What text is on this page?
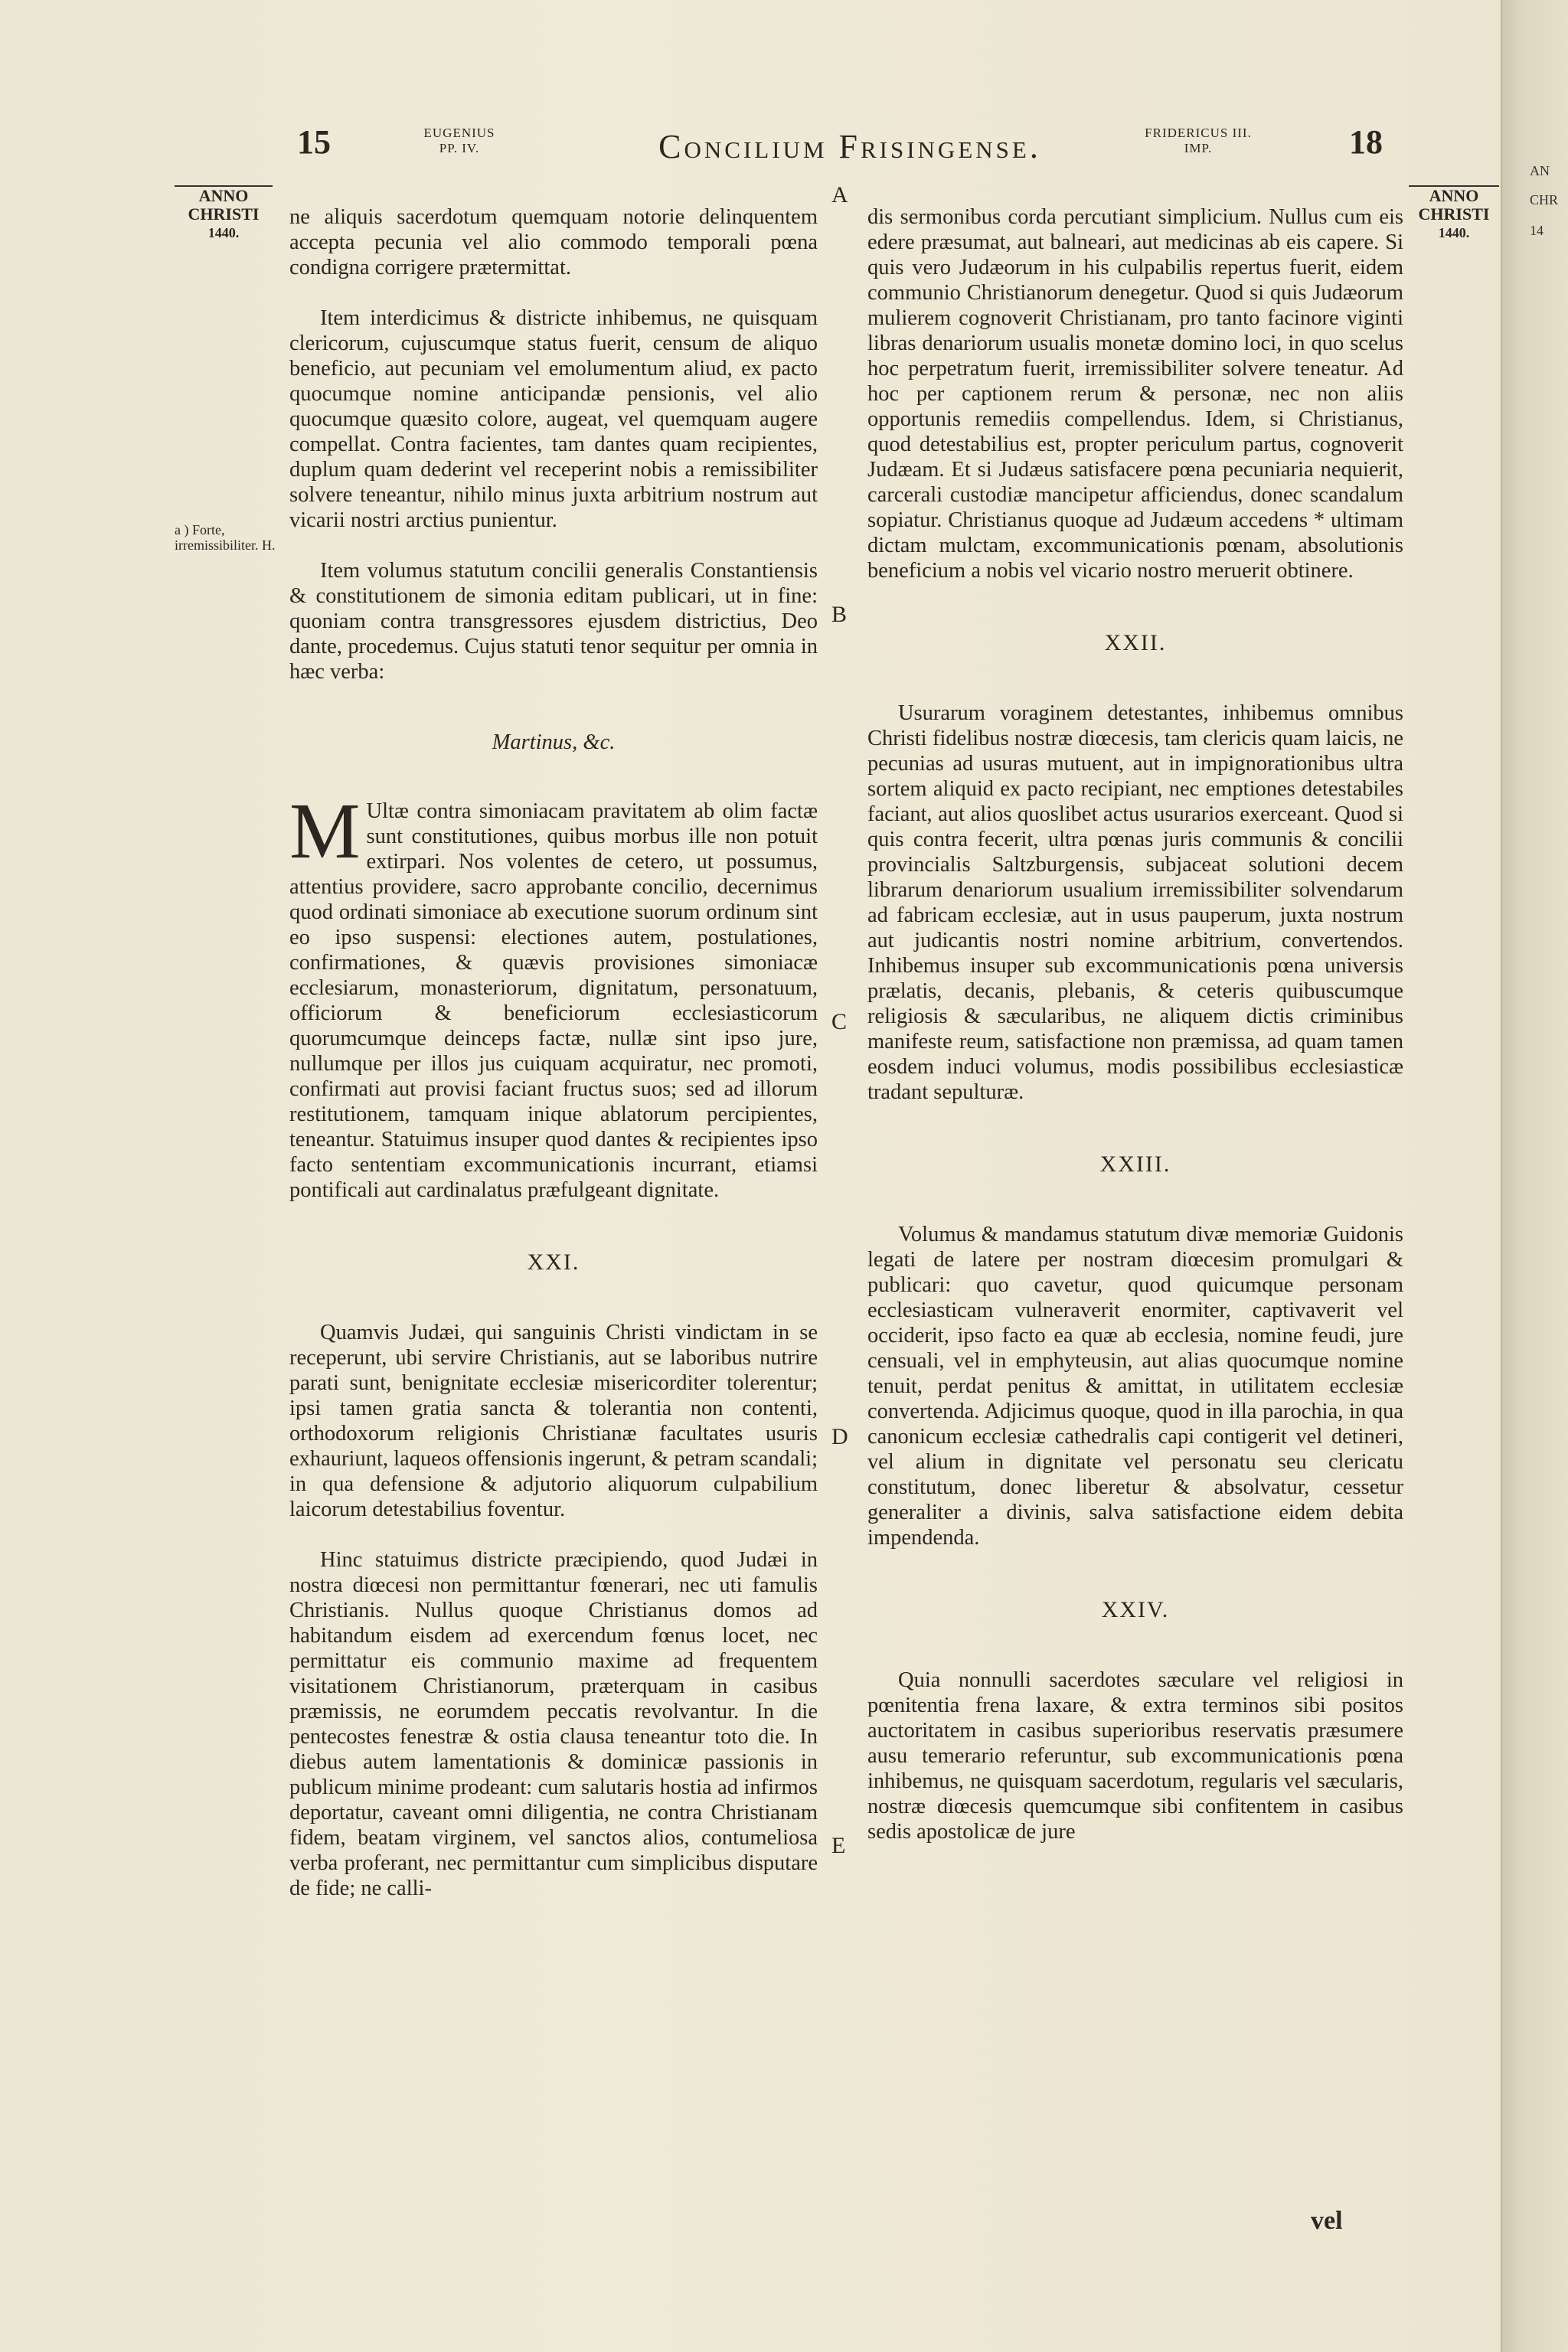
AN
CHR
14
15	EUGENIUS
PP. IV.	Concilium Frisingense.	FRIDERICUS III.
IMP.	18
ANNO
CHRISTI
1440.
ANNO
CHRISTI
1440.
a ) Forte, irremissibiliter. H.
A
B
C
D
E

ne aliquis sacerdotum quemquam notorie delinquentem accepta pecunia vel alio commodo temporali pœna condigna corrigere prætermittat.

Item interdicimus & districte inhibemus, ne quisquam clericorum, cujuscumque status fuerit, censum de aliquo beneficio, aut pecuniam vel emolumentum aliud, ex pacto quocumque nomine anticipandæ pensionis, vel alio quocumque quæsito colore, augeat, vel quemquam augere compellat. Contra facientes, tam dantes quam recipientes, duplum quam dederint vel receperint nobis a remissibiliter solvere teneantur, nihilo minus juxta arbitrium nostrum aut vicarii nostri arctius punientur.

Item volumus statutum concilii generalis Constantiensis & constitutionem de simonia editam publicari, ut in fine: quoniam contra transgressores ejusdem districtius, Deo dante, procedemus. Cujus statuti tenor sequitur per omnia in hæc verba:

Martinus, &c.

M Ultæ contra simoniacam pravitatem ab olim factæ sunt constitutiones, quibus morbus ille non potuit extirpari. Nos volentes de cetero, ut possumus, attentius providere, sacro approbante concilio, decernimus quod ordinati simoniace ab executione suorum ordinum sint eo ipso suspensi: electiones autem, postulationes, confirmationes, & quævis provisiones simoniacæ ecclesiarum, monasteriorum, dignitatum, personatuum, officiorum & beneficiorum ecclesiasticorum quorumcumque deinceps factæ, nullæ sint ipso jure, nullumque per illos jus cuiquam acquiratur, nec promoti, confirmati aut provisi faciant fructus suos; sed ad illorum restitutionem, tamquam inique ablatorum percipientes, teneantur. Statuimus insuper quod dantes & recipientes ipso facto sententiam excommunicationis incurrant, etiamsi pontificali aut cardinalatus præfulgeant dignitate.

XXI.

Quamvis Judæi, qui sanguinis Christi vindictam in se receperunt, ubi servire Christianis, aut se laboribus nutrire parati sunt, benignitate ecclesiæ misericorditer tolerentur; ipsi tamen gratia sancta & tolerantia non contenti, orthodoxorum religionis Christianæ facultates usuris exhauriunt, laqueos offensionis ingerunt, & petram scandali; in qua defensione & adjutorio aliquorum culpabilium laicorum detestabilius foventur.

Hinc statuimus districte præcipiendo, quod Judæi in nostra diœcesi non permittantur fœnerari, nec uti famulis Christianis. Nullus quoque Christianus domos ad habitandum eisdem ad exercendum fœnus locet, nec permittatur eis communio maxime ad frequentem visitationem Christianorum, præterquam in casibus præmissis, ne eorumdem peccatis revolvantur. In die pentecostes fenestræ & ostia clausa teneantur toto die. In diebus autem lamentationis & dominicæ passionis in publicum minime prodeant: cum salutaris hostia ad infirmos deportatur, caveant omni diligentia, ne contra Christianam fidem, beatam virginem, vel sanctos alios, contumeliosa verba proferant, nec permittantur cum simplicibus disputare de fide; ne calli-

dis sermonibus corda percutiant simplicium. Nullus cum eis edere præsumat, aut balneari, aut medicinas ab eis capere. Si quis vero Judæorum in his culpabilis repertus fuerit, eidem communio Christianorum denegetur. Quod si quis Judæorum mulierem cognoverit Christianam, pro tanto facinore viginti libras denariorum usualis monetæ domino loci, in quo scelus hoc perpetratum fuerit, irremissibiliter solvere teneatur. Ad hoc per captionem rerum & personæ, nec non aliis opportunis remediis compellendus. Idem, si Christianus, quod detestabilius est, propter periculum partus, cognoverit Judæam. Et si Judæus satisfacere pœna pecuniaria nequierit, carcerali custodiæ mancipetur afficiendus, donec scandalum sopiatur. Christianus quoque ad Judæum accedens * ultimam dictam mulctam, excommunicationis pœnam, absolutionis beneficium a nobis vel vicario nostro meruerit obtinere.

XXII.

Usurarum voraginem detestantes, inhibemus omnibus Christi fidelibus nostræ diœcesis, tam clericis quam laicis, ne pecunias ad usuras mutuent, aut in impignorationibus ultra sortem aliquid ex pacto recipiant, nec emptiones detestabiles faciant, aut alios quoslibet actus usurarios exerceant. Quod si quis contra fecerit, ultra pœnas juris communis & concilii provincialis Saltzburgensis, subjaceat solutioni decem librarum denariorum usualium irremissibiliter solvendarum ad fabricam ecclesiæ, aut in usus pauperum, juxta nostrum aut judicantis nostri nomine arbitrium, convertendos. Inhibemus insuper sub excommunicationis pœna universis prælatis, decanis, plebanis, & ceteris quibuscumque religiosis & sæcularibus, ne aliquem dictis criminibus manifeste reum, satisfactione non præmissa, ad quam tamen eosdem induci volumus, modis possibilibus ecclesiasticæ tradant sepulturæ.

XXIII.

Volumus & mandamus statutum divæ memoriæ Guidonis legati de latere per nostram diœcesim promulgari & publicari: quo cavetur, quod quicumque personam ecclesiasticam vulneraverit enormiter, captivaverit vel occiderit, ipso facto ea quæ ab ecclesia, nomine feudi, jure censuali, vel in emphyteusin, aut alias quocumque nomine tenuit, perdat penitus & amittat, in utilitatem ecclesiæ convertenda. Adjicimus quoque, quod in illa parochia, in qua canonicum ecclesiæ cathedralis capi contigerit vel detineri, vel alium in dignitate vel personatu seu clericatu constitutum, donec liberetur & absolvatur, cessetur generaliter a divinis, salva satisfactione eidem debita impendenda.

XXIV.

Quia nonnulli sacerdotes sæculare vel religiosi in pœnitentia frena laxare, & extra terminos sibi positos auctoritatem in casibus superioribus reservatis præsumere ausu temerario referuntur, sub excommunicationis pœna inhibemus, ne quisquam sacerdotum, regularis vel sæcularis, nostræ diœcesis quemcumque sibi confitentem in casibus sedis apostolicæ de jure

vel
